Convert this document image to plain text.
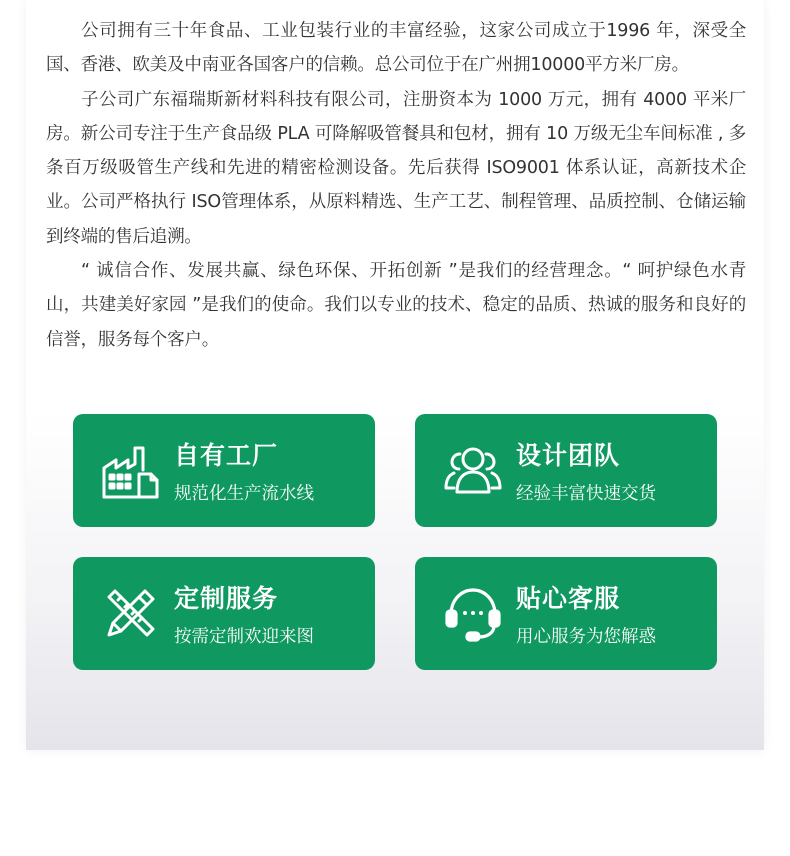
公司拥有三十年食品、工业包装行业的丰富经验，这家公司成立于1996 年，深受全国、香港、欧美及中南亚各国客户的信赖。总公司位于在广州拥10000平方米厂房。

子公司广东福瑞斯新材料科技有限公司，注册资本为 1000 万元，拥有 4000 平米厂房。新公司专注于生产食品级 PLA 可降解吸管餐具和包材，拥有 10 万级无尘车间标准 , 多条百万级吸管生产线和先进的精密检测设备。先后获得 ISO9001 体系认证，高新技术企业。公司严格执行 ISO管理体系，从原料精选、生产工艺、制程管理、品质控制、仓储运输到终端的售后追溯。

“ 诚信合作、发展共赢、绿色环保、开拓创新 ”是我们的经营理念。“ 呵护绿色水青山，共建美好家园 ”是我们的使命。我们以专业的技术、稳定的品质、热诚的服务和良好的信誉，服务每个客户。

自有工厂
规范化生产流水线
设计团队
经验丰富快速交货
定制服务
按需定制欢迎来图
贴心客服
用心服务为您解惑
